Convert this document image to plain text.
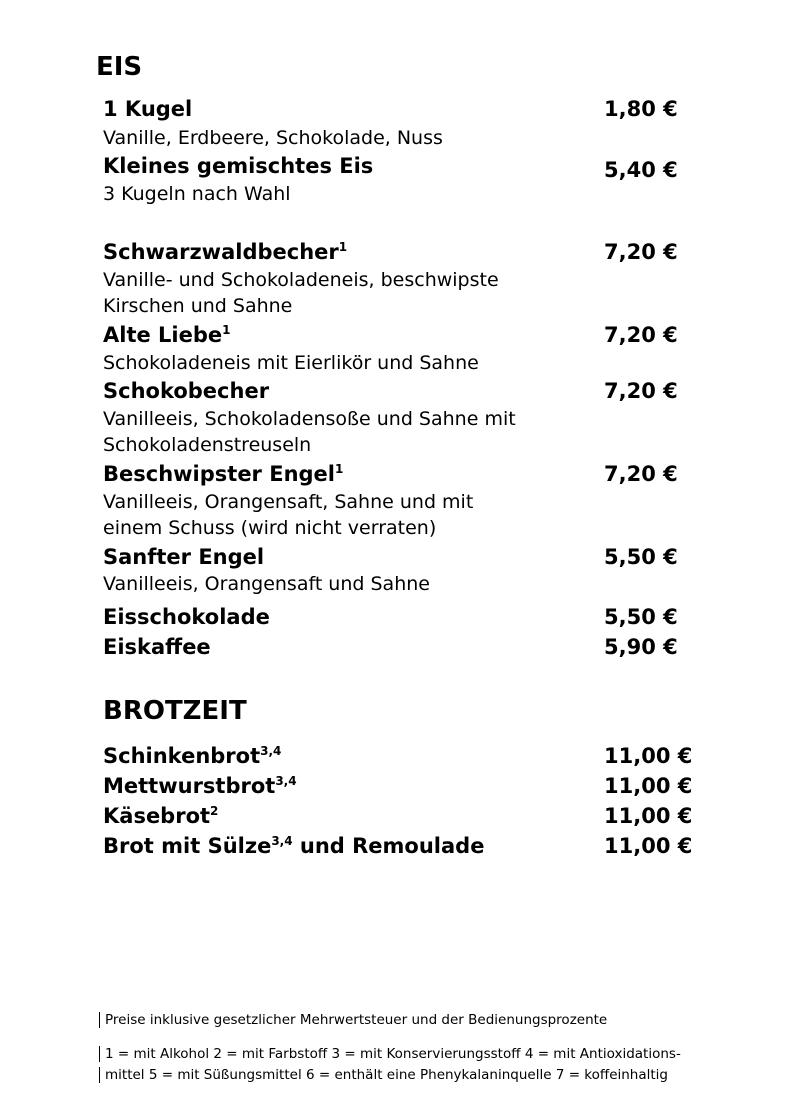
EIS
1 Kugel	1,80 €
Vanille, Erdbeere, Schokolade, Nuss
Kleines gemischtes Eis	5,40 €
3 Kugeln nach Wahl
Schwarzwaldbecher$^1$	7,20 €
Vanille- und Schokoladeneis, beschwipste
Kirschen und Sahne
Alte Liebe$^1$	7,20 €
Schokoladeneis mit Eierlikör und Sahne
Schokobecher	7,20 €
Vanilleeis, Schokoladensoße und Sahne mit
Schokoladenstreuseln
Beschwipster Engel$^1$	7,20 €
Vanilleeis, Orangensaft, Sahne und mit
einem Schuss (wird nicht verraten)
Sanfter Engel	5,50 €
Vanilleeis, Orangensaft und Sahne
Eisschokolade	5,50 €
Eiskaffee	5,90 €
BROTZEIT
Schinkenbrot$^{3,4}$	11,00 €
Mettwurstbrot$^{3,4}$	11,00 €
Käsebrot$^2$	11,00 €
Brot mit Sülze$^{3,4}$ und Remoulade	11,00 €
Preise inklusive gesetzlicher Mehrwertsteuer und der Bedienungsprozente
1 = mit Alkohol 2 = mit Farbstoff 3 = mit Konservierungsstoff 4 = mit Antioxidations-
mittel 5 = mit Süßungsmittel 6 = enthält eine Phenykalaninquelle 7 = koffeinhaltig
